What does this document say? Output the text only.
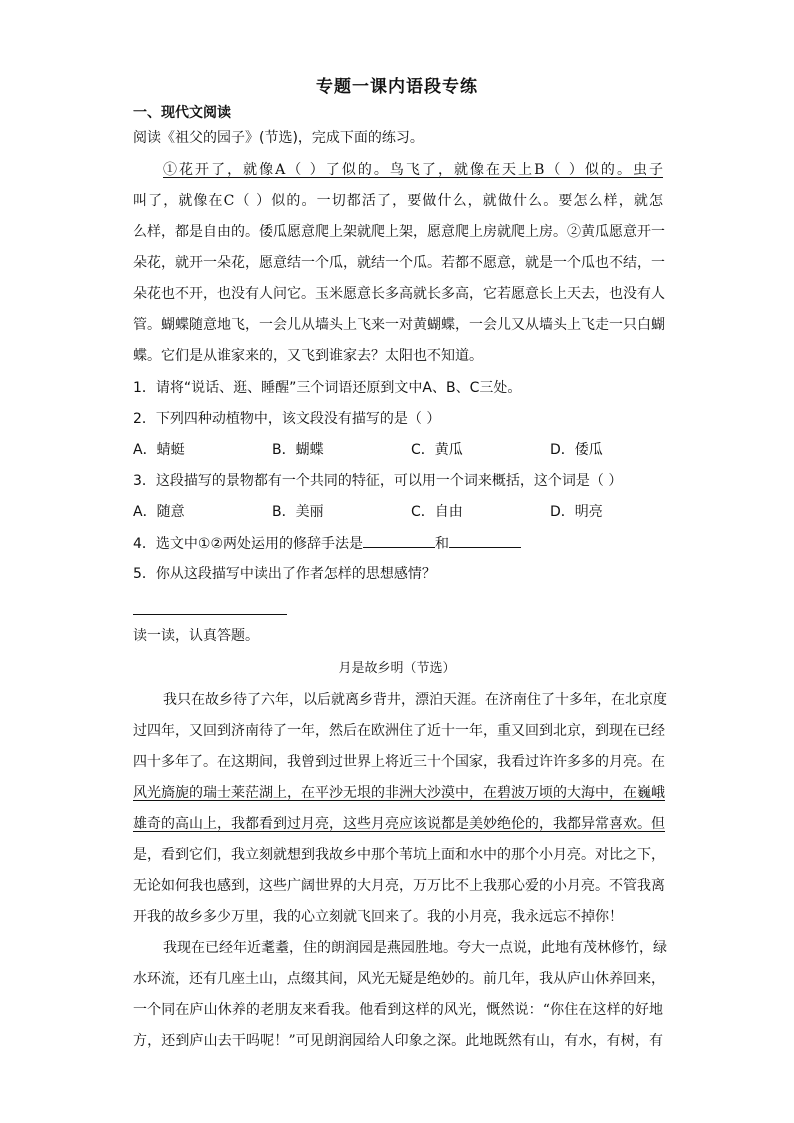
专题一课内语段专练
一、现代文阅读
阅读《祖父的园子》(节选)，完成下面的练习。
①花开了，就像A（ ）了似的。鸟飞了，就像在天上B（ ）似的。虫子
叫了，就像在C（ ）似的。一切都活了，要做什么，就做什么。要怎么样，就怎
么样，都是自由的。倭瓜愿意爬上架就爬上架，愿意爬上房就爬上房。②黄瓜愿意开一
朵花，就开一朵花，愿意结一个瓜，就结一个瓜。若都不愿意，就是一个瓜也不结，一
朵花也不开，也没有人问它。玉米愿意长多高就长多高，它若愿意长上天去，也没有人
管。蝴蝶随意地飞，一会儿从墙头上飞来一对黄蝴蝶，一会儿又从墙头上飞走一只白蝴
蝶。它们是从谁家来的，又飞到谁家去？太阳也不知道。
1．请将“说话、逛、睡醒”三个词语还原到文中A、B、C三处。
2．下列四种动植物中，该文段没有描写的是（ ）
A．蜻蜓	B．蝴蝶	C．黄瓜	D．倭瓜
3．这段描写的景物都有一个共同的特征，可以用一个词来概括，这个词是（ ）
A．随意	B．美丽	C．自由	D．明亮
4．选文中①②两处运用的修辞手法是	和
5．你从这段描写中读出了作者怎样的思想感情？
读一读，认真答题。
月是故乡明（节选）
我只在故乡待了六年，以后就离乡背井，漂泊天涯。在济南住了十多年，在北京度
过四年，又回到济南待了一年，然后在欧洲住了近十一年，重又回到北京，到现在已经
四十多年了。在这期间，我曾到过世界上将近三十个国家，我看过许许多多的月亮。在
风光旖旎的瑞士莱茫湖上，在平沙无垠的非洲大沙漠中，在碧波万顷的大海中，在巍峨
雄奇的高山上，我都看到过月亮，这些月亮应该说都是美妙绝伦的，我都异常喜欢。但
是，看到它们，我立刻就想到我故乡中那个苇坑上面和水中的那个小月亮。对比之下，
无论如何我也感到，这些广阔世界的大月亮，万万比不上我那心爱的小月亮。不管我离
开我的故乡多少万里，我的心立刻就飞回来了。我的小月亮，我永远忘不掉你！
我现在已经年近耄耋，住的朗润园是燕园胜地。夸大一点说，此地有茂林修竹，绿
水环流，还有几座土山，点缀其间，风光无疑是绝妙的。前几年，我从庐山休养回来，
一个同在庐山休养的老朋友来看我。他看到这样的风光，慨然说：“你住在这样的好地
方，还到庐山去干吗呢！”可见朗润园给人印象之深。此地既然有山，有水，有树，有
